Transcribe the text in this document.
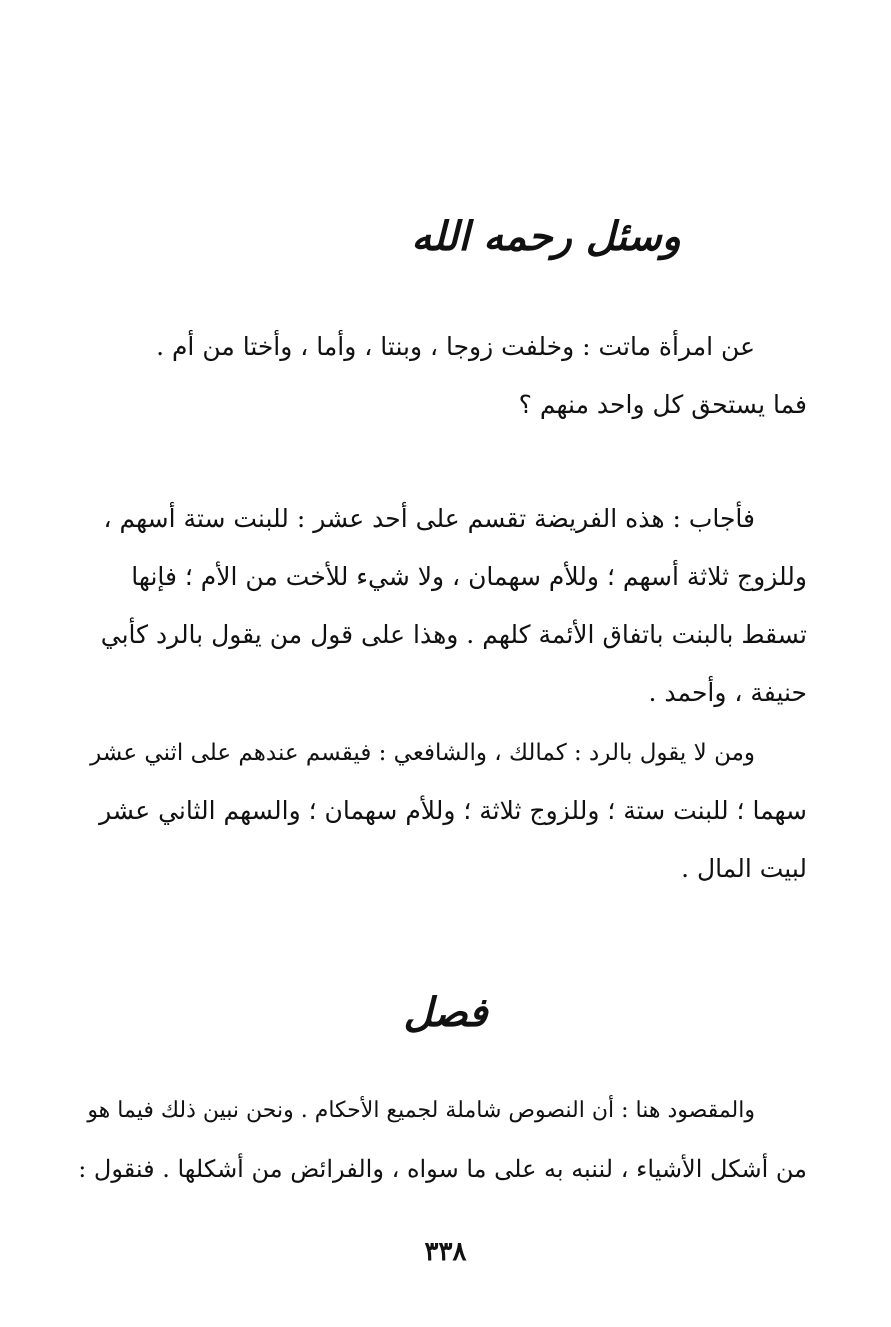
وسئل رحمه الله
عن امرأة ماتت : وخلفت زوجا ، وبنتا ، وأما ، وأختا من أم .
فما يستحق كل واحد منهم ؟
فأجاب : هذه الفريضة تقسم على أحد عشر : للبنت ستة أسهم ،
وللزوج ثلاثة أسهم ؛ وللأم سهمان ، ولا شيء للأخت من الأم ؛ فإنها
تسقط بالبنت باتفاق الأئمة كلهم . وهذا على قول من يقول بالرد كأبي
حنيفة ، وأحمد .
ومن لا يقول بالرد : كمالك ، والشافعي : فيقسم عندهم على اثني عشر
سهما ؛ للبنت ستة ؛ وللزوج ثلاثة ؛ وللأم سهمان ؛ والسهم الثاني عشر
لبيت المال .
فصل
والمقصود هنا : أن النصوص شاملة لجميع الأحكام . ونحن نبين ذلك فيما هو
من أشكل الأشياء ، لننبه به على ما سواه ، والفرائض من أشكلها . فنقول :
٣٣٨
